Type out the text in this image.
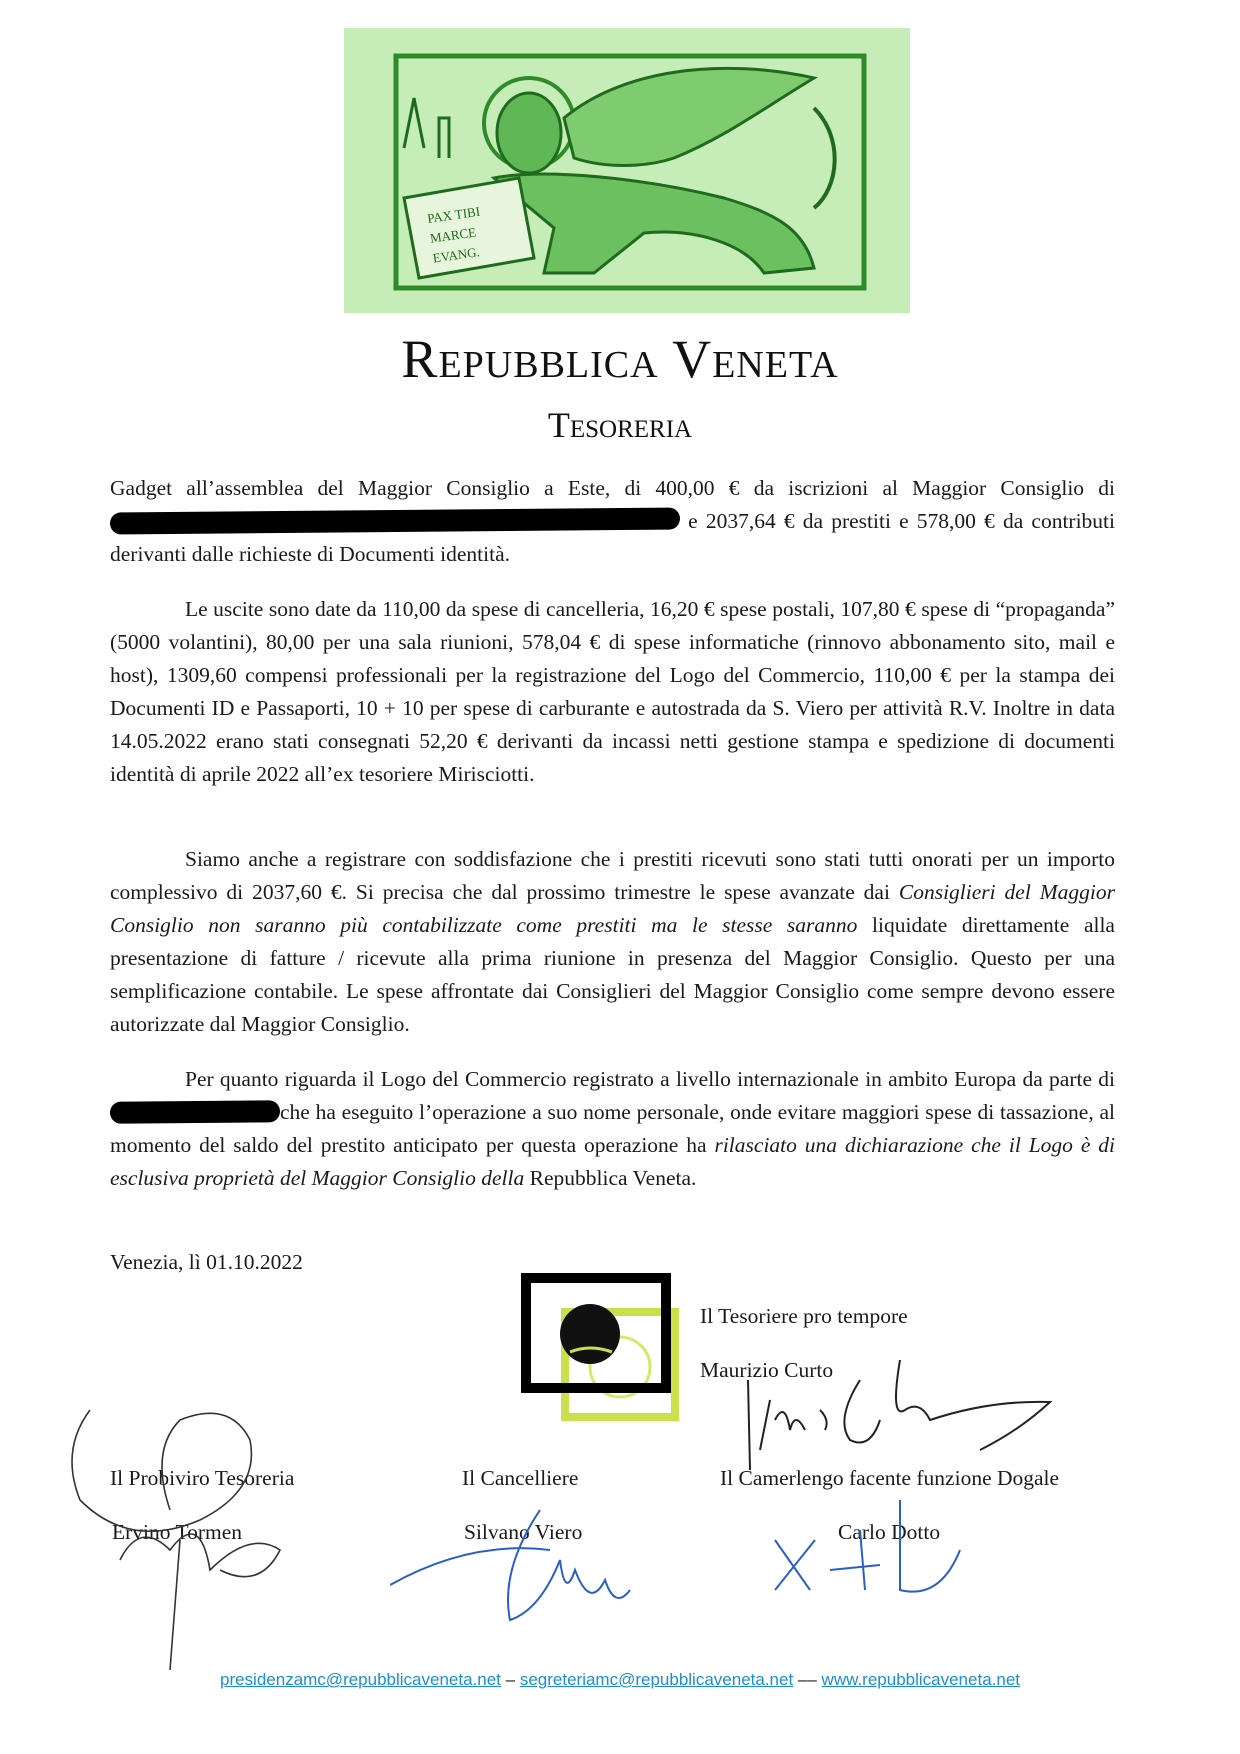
PAX TIBI
MARCE
EVANG.
Repubblica Veneta
Tesoreria
Gadget all’assemblea del Maggior Consiglio a Este, di 400,00 € da iscrizioni al Maggior Consiglio di e 2037,64 € da prestiti e 578,00 € da contributi derivanti dalle richieste di Documenti identità.
Le uscite sono date da 110,00 da spese di cancelleria, 16,20 € spese postali, 107,80 € spese di “propaganda” (5000 volantini), 80,00 per una sala riunioni, 578,04 € di spese informatiche (rinnovo abbonamento sito, mail e host), 1309,60 compensi professionali per la registrazione del Logo del Commercio, 110,00 € per la stampa dei Documenti ID e Passaporti, 10 + 10 per spese di carburante e autostrada da S. Viero per attività R.V. Inoltre in data 14.05.2022 erano stati consegnati 52,20 € derivanti da incassi netti gestione stampa e spedizione di documenti identità di aprile 2022 all’ex tesoriere Mirisciotti.
Siamo anche a registrare con soddisfazione che i prestiti ricevuti sono stati tutti onorati per un importo complessivo di 2037,60 €. Si precisa che dal prossimo trimestre le spese avanzate dai Consiglieri del Maggior Consiglio non saranno più contabilizzate come prestiti ma le stesse saranno liquidate direttamente alla presentazione di fatture / ricevute alla prima riunione in presenza del Maggior Consiglio. Questo per una semplificazione contabile. Le spese affrontate dai Consiglieri del Maggior Consiglio come sempre devono essere autorizzate dal Maggior Consiglio.
Per quanto riguarda il Logo del Commercio registrato a livello internazionale in ambito Europa da parte diche ha eseguito l’operazione a suo nome personale, onde evitare maggiori spese di tassazione, al momento del saldo del prestito anticipato per questa operazione ha rilasciato una dichiarazione che il Logo è di esclusiva proprietà del Maggior Consiglio della Repubblica Veneta.
Venezia, lì 01.10.2022
Il Tesoriere pro tempore
Maurizio Curto
Il Probiviro Tesoreria
Ervino Tormen
Il Cancelliere
Silvano Viero
Il Camerlengo facente funzione Dogale
Carlo Dotto
presidenzamc@repubblicaveneta.net – segreteriamc@repubblicaveneta.net –– www.repubblicaveneta.net
